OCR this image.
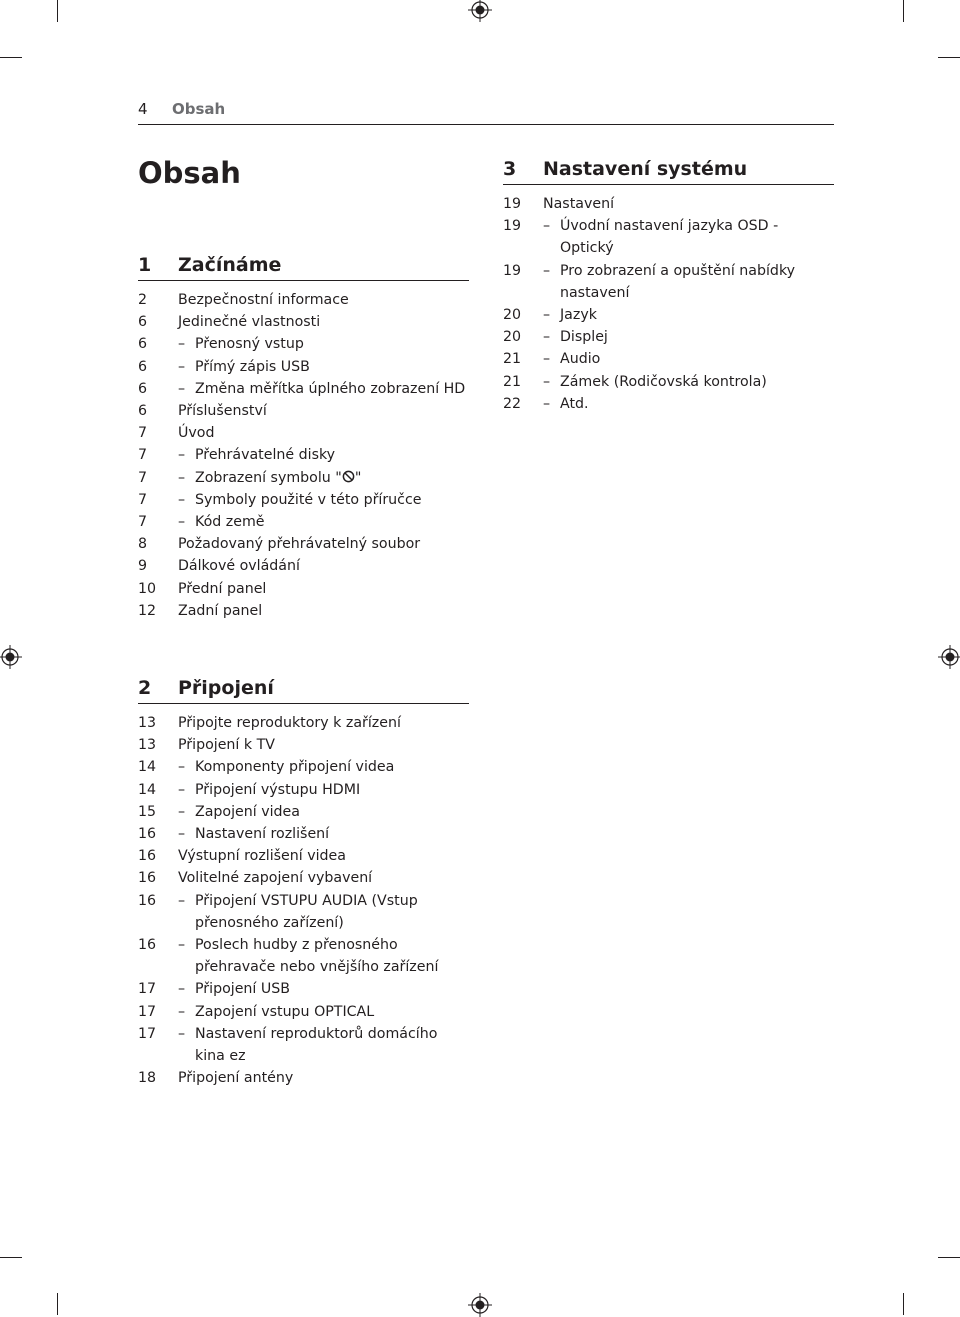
4 Obsah
Obsah
1 Začínáme
2	Bezpečnostní informace
6	Jedinečné vlastnosti
6 – Přenosný vstup
6 – Přímý zápis USB
6 – Změna měřítka úplného zobrazení HD
6	Příslušenství
7	Úvod
7 – Přehrávatelné disky
7 – Zobrazení symbolu " "
7 – Symboly použité v této příručce
7 – Kód země
8	Požadovaný přehrávatelný soubor
9	Dálkové ovládání
10	Přední panel
12	Zadní panel
2 Připojení
13	Připojte reproduktory k zařízení
13	Připojení k TV
14 – Komponenty připojení videa
14 – Připojení výstupu HDMI
15 – Zapojení videa
16 – Nastavení rozlišení
16	Výstupní rozlišení videa
16	Volitelné zapojení vybavení
16 – Připojení VSTUPU AUDIA (Vstup přenosného zařízení)
16 – Poslech hudby z přenosného přehravače nebo vnějšího zařízení
17 – Připojení USB
17 – Zapojení vstupu OPTICAL
17 – Nastavení reproduktorů domácího kina ez
18	Připojení antény
3 Nastavení systému
19	Nastavení
19 – Úvodní nastavení jazyka OSD - Optický
19 – Pro zobrazení a opuštění nabídky nastavení
20 – Jazyk
20 – Displej
21 – Audio
21 – Zámek (Rodičovská kontrola)
22 – Atd.
